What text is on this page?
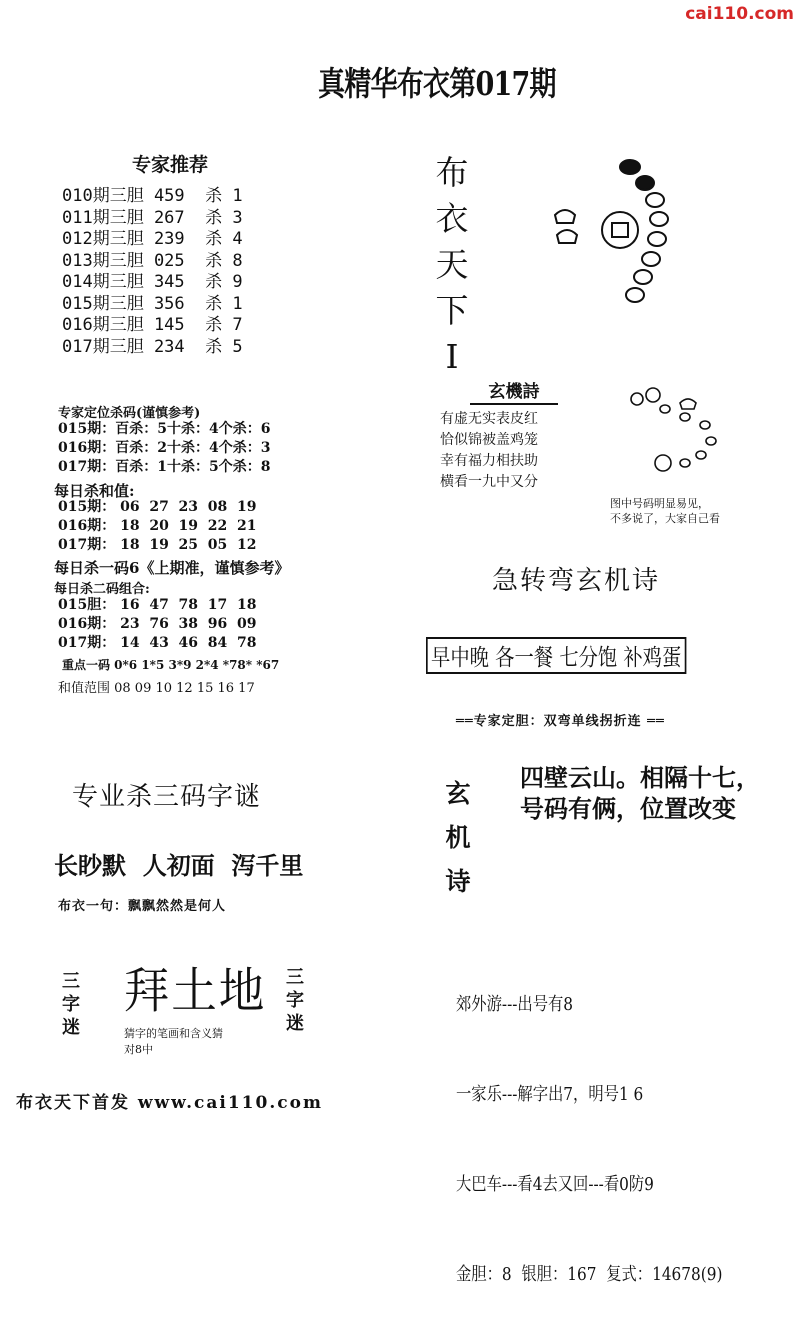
cai110.com
真精华布衣第017期
专家推荐
010期三胆 459  杀 1
011期三胆 267  杀 3
012期三胆 239  杀 4
013期三胆 025  杀 8
014期三胆 345  杀 9
015期三胆 356  杀 1
016期三胆 145  杀 7
017期三胆 234  杀 5
专家定位杀码(谨慎参考)
015期：百杀：5十杀：4个杀：6
016期：百杀：2十杀：4个杀：3
017期：百杀：1十杀：5个杀：8
每日杀和值:
015期： 06  27  23  08  19
016期： 18  20  19  22  21
017期： 18  19  25  05  12
每日杀一码6《上期准，谨慎参考》
每日杀二码组合:
015胆： 16  47  78  17  18
016期： 23  76  38  96  09
017期： 14  43  46  84  78
重点一码 0*6 1*5 3*9 2*4 *78* *67
和值范围 08 09 10 12 15 16 17
布
衣
天
下
I
玄機詩
有虚无实表皮红
恰似锦被盖鸡笼
幸有福力相扶助
横看一九中又分
图中号码明显易见，
不多说了，大家自己看
急转弯玄机诗
早中晚 各一餐 七分饱 补鸡蛋
══专家定胆：双弯单线拐折连 ══
玄
机
诗
四壁云山。相隔十七，
号码有俩，位置改变
专业杀三码字谜
长眇默  人初面  泻千里
布衣一句：飘飘然然是何人
三
字
迷
拜土地 三
字
迷
猜字的笔画和含义猜
对8中

郊外游---出号有8

一家乐---解字出7，明号1 6

大巴车---看4去又回---看0防9

金胆：8  银胆：167  复式：14678(9)

布衣天下首发 www.cai110.com
